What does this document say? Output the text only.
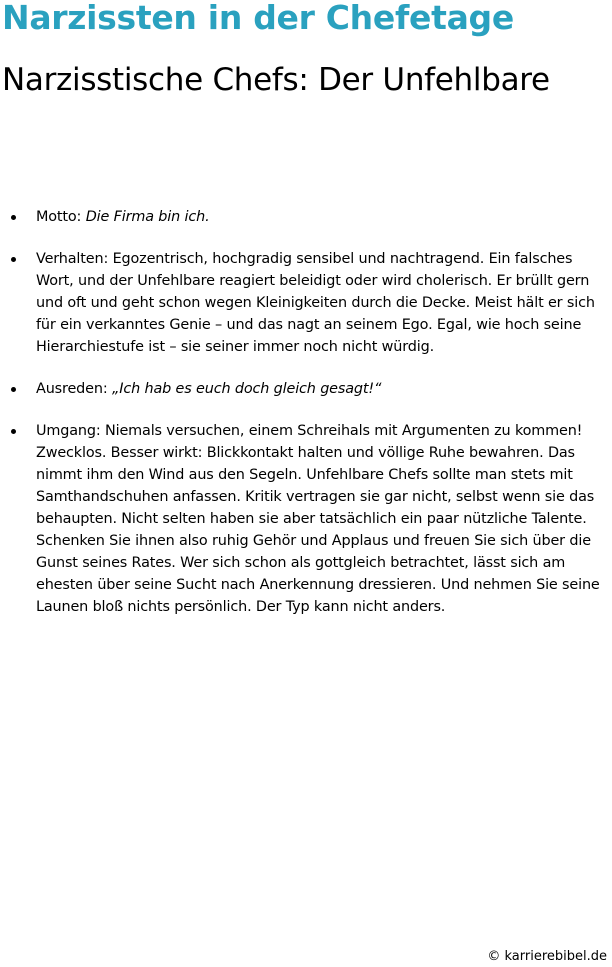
Narzissten in der Chefetage
Narzisstische Chefs: Der Unfehlbare
Motto: Die Firma bin ich.
Verhalten: Egozentrisch, hochgradig sensibel und nachtragend. Ein falsches Wort, und der Unfehlbare reagiert beleidigt oder wird cholerisch. Er brüllt gern und oft und geht schon wegen Kleinigkeiten durch die Decke. Meist hält er sich für ein verkanntes Genie – und das nagt an seinem Ego. Egal, wie hoch seine Hierarchiestufe ist – sie seiner immer noch nicht würdig.
Ausreden: „Ich hab es euch doch gleich gesagt!“
Umgang: Niemals versuchen, einem Schreihals mit Argumenten zu kommen! Zwecklos. Besser wirkt: Blickkontakt halten und völlige Ruhe bewahren. Das nimmt ihm den Wind aus den Segeln. Unfehlbare Chefs sollte man stets mit Samthandschuhen anfassen. Kritik vertragen sie gar nicht, selbst wenn sie das behaupten. Nicht selten haben sie aber tatsächlich ein paar nützliche Talente. Schenken Sie ihnen also ruhig Gehör und Applaus und freuen Sie sich über die Gunst seines Rates. Wer sich schon als gottgleich betrachtet, lässt sich am ehesten über seine Sucht nach Anerkennung dressieren. Und nehmen Sie seine Launen bloß nichts persönlich. Der Typ kann nicht anders.
© karrierebibel.de
